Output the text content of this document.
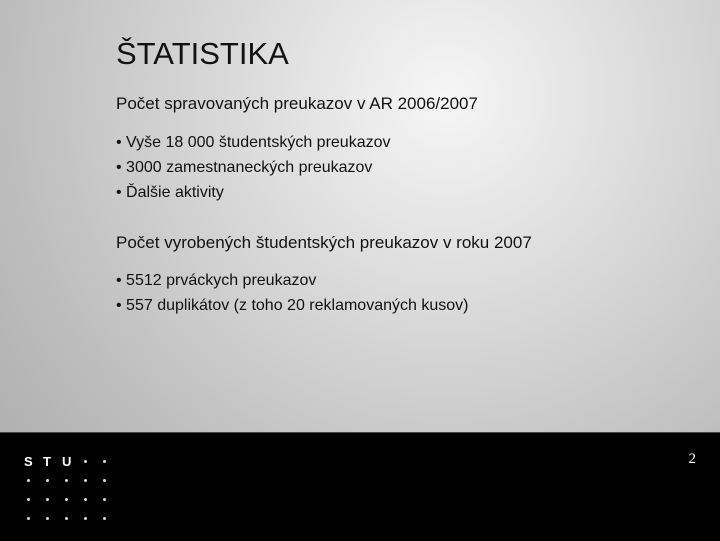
ŠTATISTIKA
Počet spravovaných preukazov v AR 2006/2007
• Vyše 18 000 študentských preukazov
• 3000 zamestnaneckých preukazov
• Ďalšie aktivity
Počet vyrobených študentských preukazov v roku 2007
• 5512 prváckych preukazov
• 557 duplikátov (z toho 20 reklamovaných kusov)
S T U	2
